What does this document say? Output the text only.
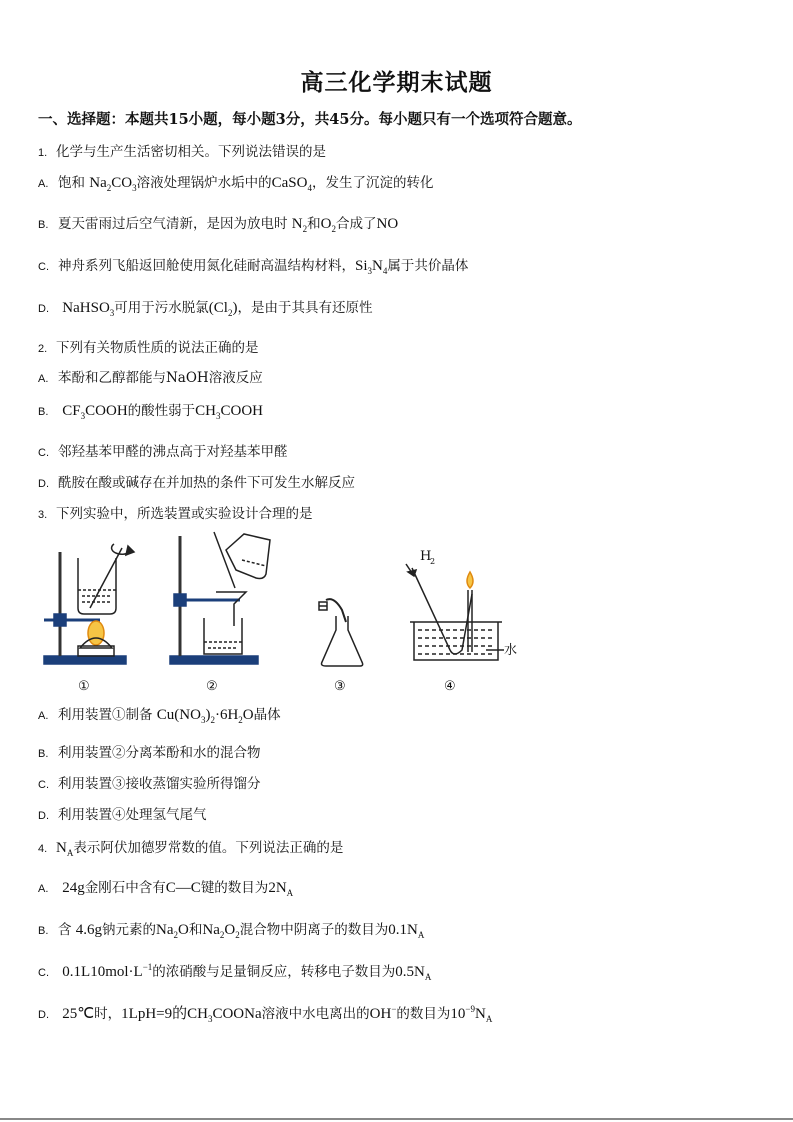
高三化学期末试题
一、选择题：本题共15小题，每小题3分，共45分。每小题只有一个选项符合题意。
1. 化学与生产生活密切相关。下列说法错误的是
A. 饱和 $Na_2CO_3$溶液处理锅炉水垢中的CaSO$_4$，发生了沉淀的转化
B. 夏天雷雨过后空气清新，是因为放电时 $N_2$和$O_2$合成了NO
C. 神舟系列飞船返回舱使用氮化硅耐高温结构材料，$Si_3N_4$属于共价晶体
D. NaHSO$_3$可用于污水脱氯$(Cl_2)$，是由于其具有还原性
2. 下列有关物质性质的说法正确的是
A. 苯酚和乙醇都能与NaOH溶液反应
B. $CF_3COOH$的酸性弱于$CH_3COOH$
C. 邻羟基苯甲醛的沸点高于对羟基苯甲醛
D. 酰胺在酸或碱存在并加热的条件下可发生水解反应
3. 下列实验中，所选装置或实验设计合理的是
H
2
水
①	②	③	④
A. 利用装置①制备 $Cu(NO_3)_2\cdot 6H_2O$晶体
B. 利用装置②分离苯酚和水的混合物
C. 利用装置③接收蒸馏实验所得馏分
D. 利用装置④处理氢气尾气
4. $N_A$表示阿伏加德罗常数的值。下列说法正确的是
A. 24g金刚石中含有C—C键的数目为$2N_A$
B. 含 4.6g钠元素的$Na_2O$和$Na_2O_2$混合物中阴离子的数目为$0.1N_A$
C. $0.1L10mol\cdot L^{-1}$的浓硝酸与足量铜反应，转移电子数目为$0.5N_A$
D. 25℃时，1LpH=9的$CH_3COONa$溶液中水电离出的OH−的数目为$10^{-9}N_A$
